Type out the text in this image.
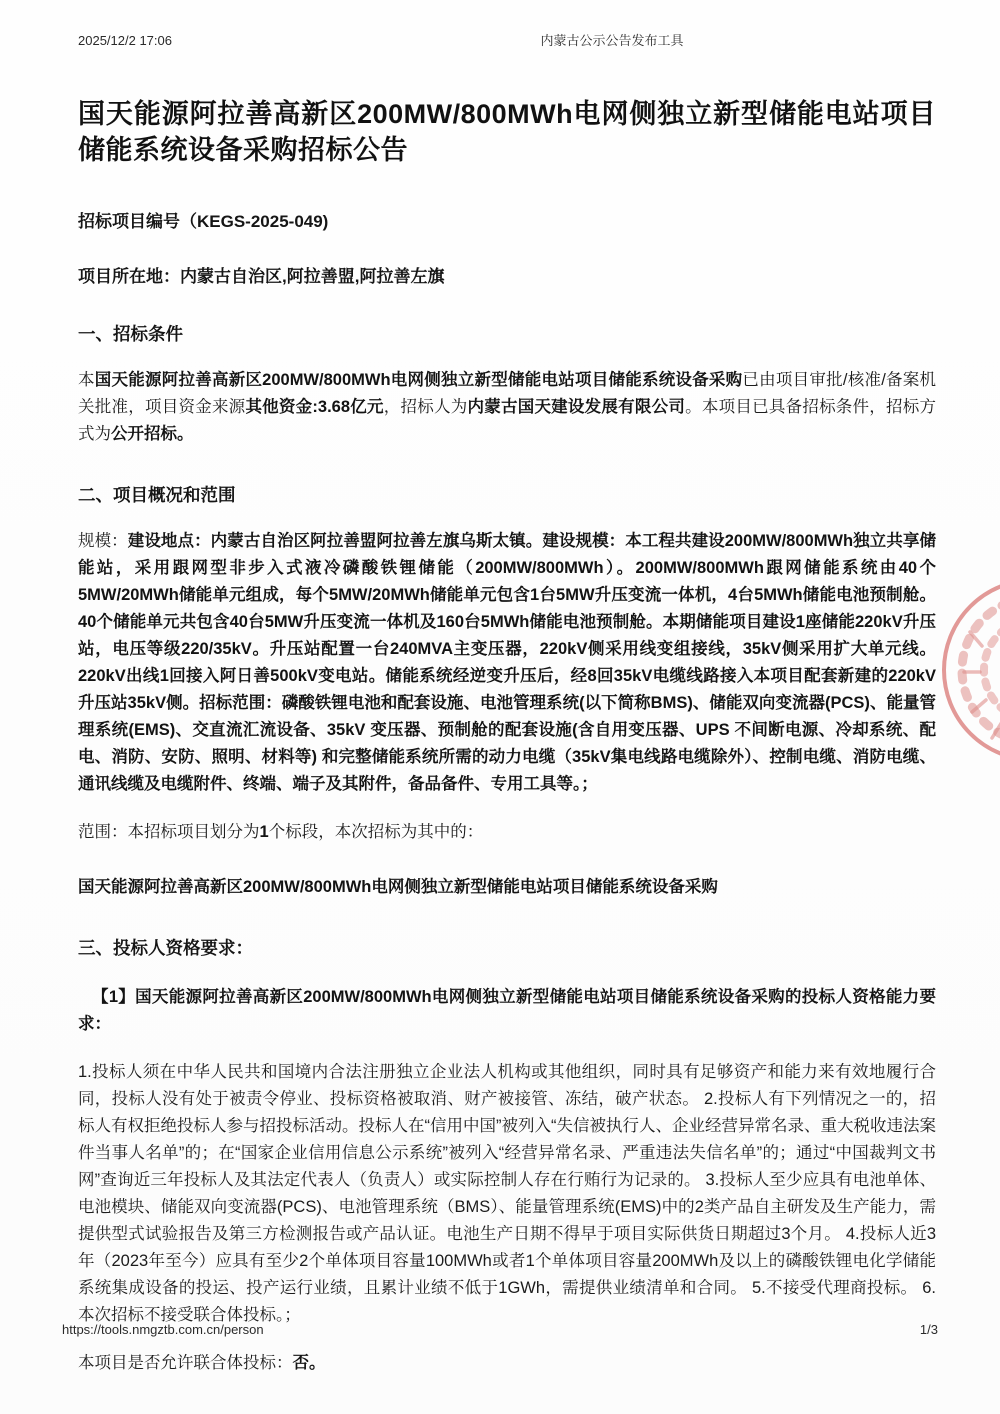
2025/12/2 17:06	内蒙古公示公告发布工具
国天能源阿拉善高新区200MW/800MWh电网侧独立新型储能电站项目储能系统设备采购招标公告

招标项目编号（KEGS-2025-049)

项目所在地：内蒙古自治区,阿拉善盟,阿拉善左旗

一、招标条件

本国天能源阿拉善高新区200MW/800MWh电网侧独立新型储能电站项目储能系统设备采购已由项目审批/核准/备案机关批准，项目资金来源其他资金:3.68亿元，招标人为内蒙古国天建设发展有限公司。本项目已具备招标条件，招标方式为公开招标。

二、项目概况和范围

规模：建设地点：内蒙古自治区阿拉善盟阿拉善左旗乌斯太镇。建设规模：本工程共建设200MW/800MWh独立共享储能站，采用跟网型非步入式液冷磷酸铁锂储能（200MW/800MWh）。200MW/800MWh跟网储能系统由40个5MW/20MWh储能单元组成，每个5MW/20MWh储能单元包含1台5MW升压变流一体机，4台5MWh储能电池预制舱。40个储能单元共包含40台5MW升压变流一体机及160台5MWh储能电池预制舱。本期储能项目建设1座储能220kV升压站，电压等级220/35kV。升压站配置一台240MVA主变压器，220kV侧采用线变组接线，35kV侧采用扩大单元线。220kV出线1回接入阿日善500kV变电站。储能系统经逆变升压后，经8回35kV电缆线路接入本项目配套新建的220kV升压站35kV侧。招标范围：磷酸铁锂电池和配套设施、电池管理系统(以下简称BMS)、储能双向变流器(PCS)、能量管理系统(EMS)、交直流汇流设备、35kV 变压器、预制舱的配套设施(含自用变压器、UPS 不间断电源、冷却系统、配电、消防、安防、照明、材料等) 和完整储能系统所需的动力电缆（35kV集电线路电缆除外）、控制电缆、消防电缆、通讯线缆及电缆附件、终端、端子及其附件，备品备件、专用工具等。；

范围：本招标项目划分为1个标段，本次招标为其中的：

国天能源阿拉善高新区200MW/800MWh电网侧独立新型储能电站项目储能系统设备采购

三、投标人资格要求：

【1】国天能源阿拉善高新区200MW/800MWh电网侧独立新型储能电站项目储能系统设备采购的投标人资格能力要求：

1.投标人须在中华人民共和国境内合法注册独立企业法人机构或其他组织，同时具有足够资产和能力来有效地履行合同，投标人没有处于被责令停业、投标资格被取消、财产被接管、冻结，破产状态。 2.投标人有下列情况之一的，招标人有权拒绝投标人参与招投标活动。投标人在“信用中国”被列入“失信被执行人、企业经营异常名录、重大税收违法案件当事人名单”的；在“国家企业信用信息公示系统”被列入“经营异常名录、严重违法失信名单”的；通过“中国裁判文书网”查询近三年投标人及其法定代表人（负责人）或实际控制人存在行贿行为记录的。 3.投标人至少应具有电池单体、电池模块、储能双向变流器(PCS)、电池管理系统（BMS）、能量管理系统(EMS)中的2类产品自主研发及生产能力，需提供型式试验报告及第三方检测报告或产品认证。电池生产日期不得早于项目实际供货日期超过3个月。 4.投标人近3年（2023年至今）应具有至少2个单体项目容量100MWh或者1个单体项目容量200MWh及以上的磷酸铁锂电化学储能系统集成设备的投运、投产运行业绩，且累计业绩不低于1GWh，需提供业绩清单和合同。 5.不接受代理商投标。 6.本次招标不接受联合体投标。；

本项目是否允许联合体投标：否。

https://tools.nmgztb.com.cn/person	1/3
